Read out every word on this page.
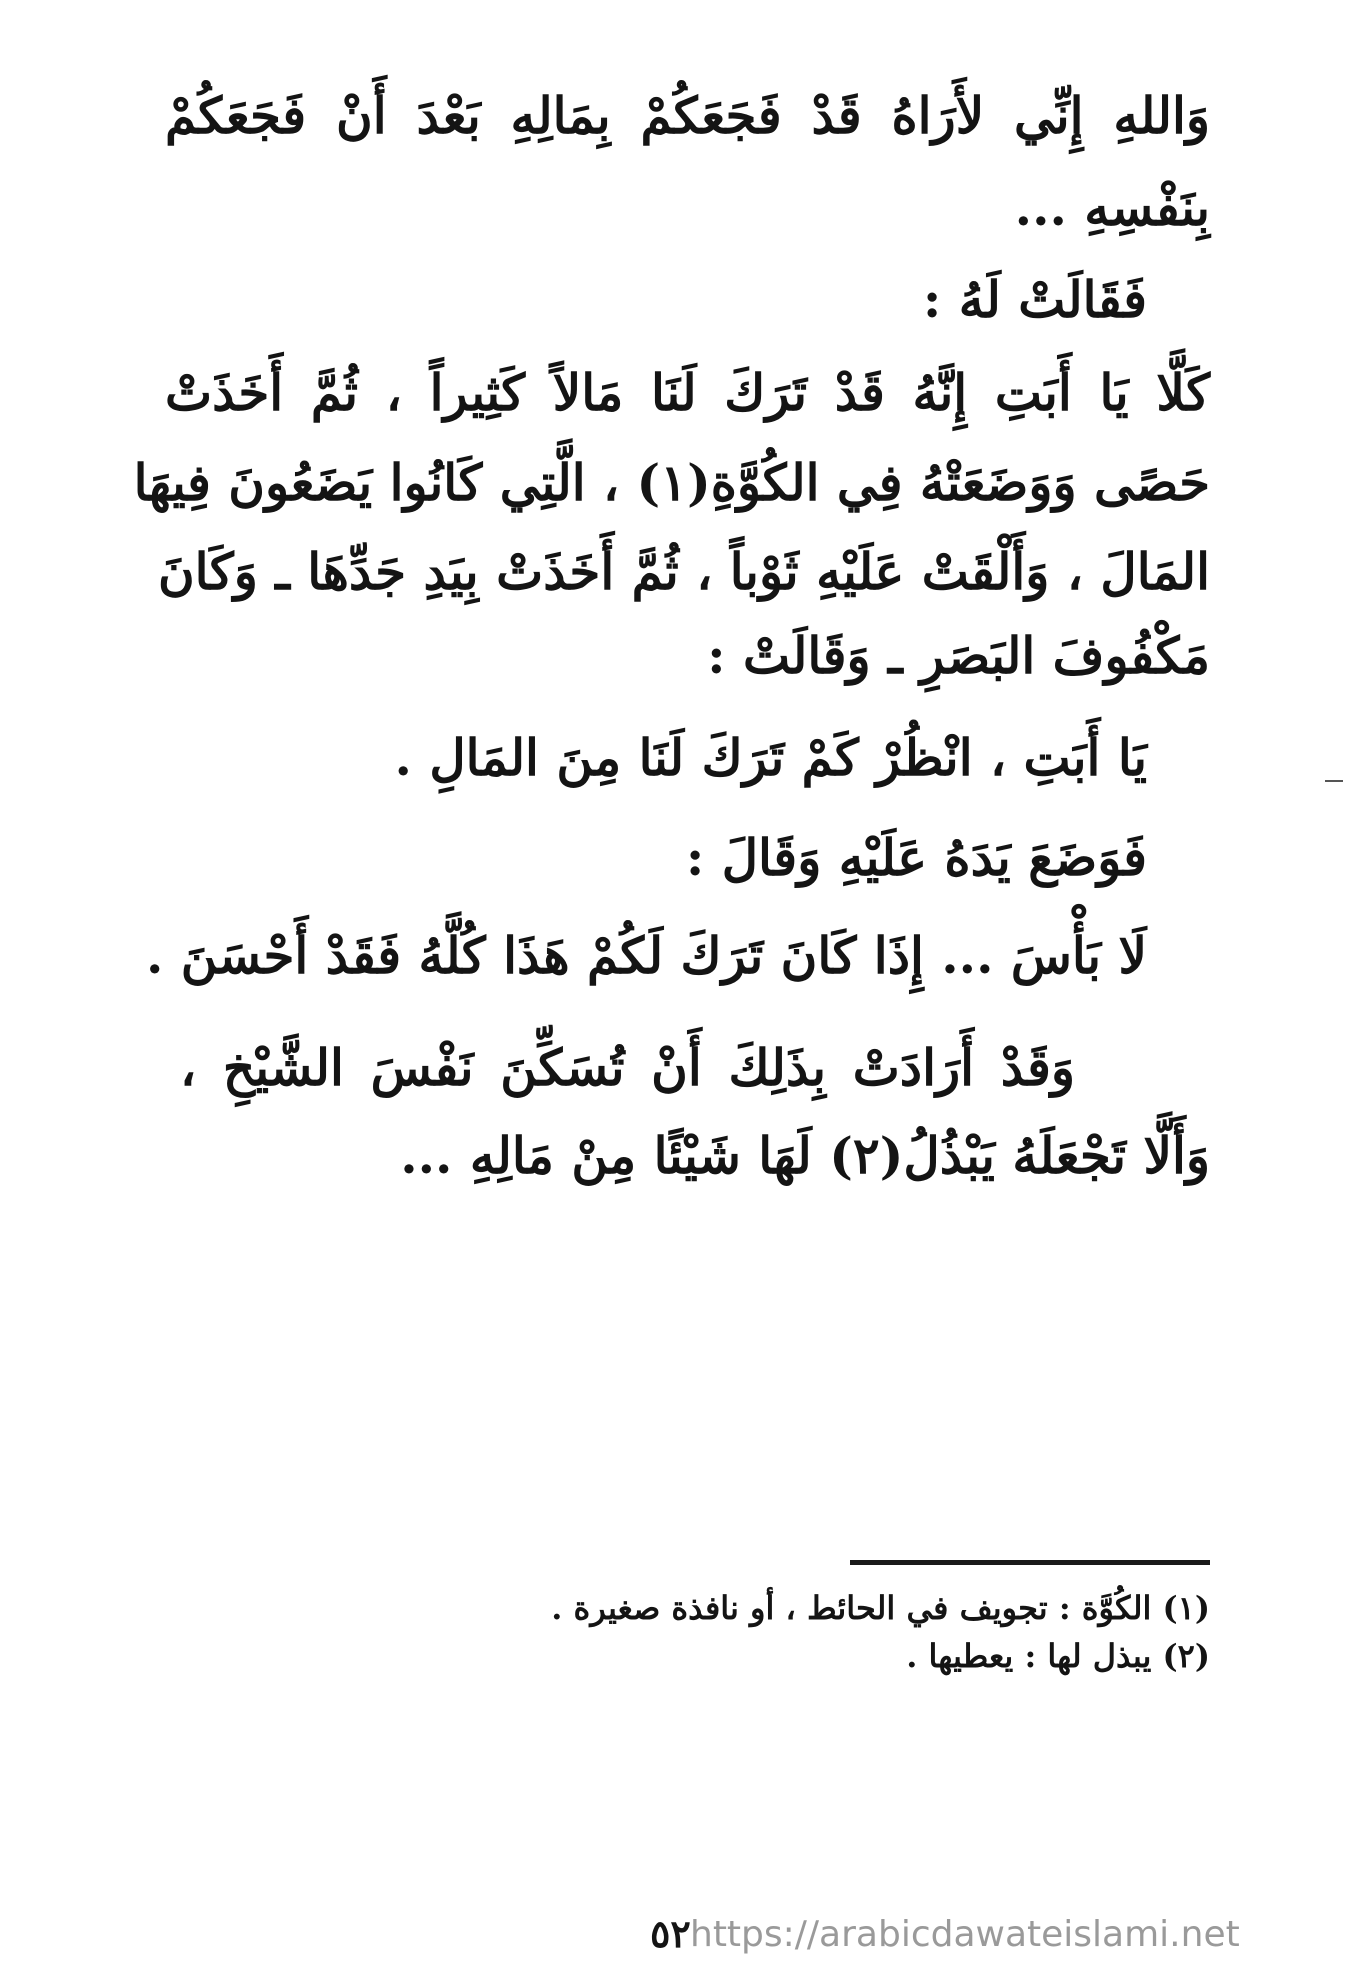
وَاللهِ إِنِّي لأَرَاهُ قَدْ فَجَعَكُمْ بِمَالِهِ بَعْدَ أَنْ فَجَعَكُمْ
بِنَفْسِهِ ...
فَقَالَتْ لَهُ :
كَلَّا يَا أَبَتِ إِنَّهُ قَدْ تَرَكَ لَنَا مَالاً كَثِيراً ، ثُمَّ أَخَذَتْ
حَصًى وَوَضَعَتْهُ فِي الكُوَّةِ(١) ، الَّتِي كَانُوا يَضَعُونَ فِيهَا
المَالَ ، وَأَلْقَتْ عَلَيْهِ ثَوْباً ، ثُمَّ أَخَذَتْ بِيَدِ جَدِّهَا ـ وَكَانَ
مَكْفُوفَ البَصَرِ ـ وَقَالَتْ :
يَا أَبَتِ ، انْظُرْ كَمْ تَرَكَ لَنَا مِنَ المَالِ .
فَوَضَعَ يَدَهُ عَلَيْهِ وَقَالَ :
لَا بَأْسَ ... إِذَا كَانَ تَرَكَ لَكُمْ هَذَا كُلَّهُ فَقَدْ أَحْسَنَ .
وَقَدْ أَرَادَتْ بِذَلِكَ أَنْ تُسَكِّنَ نَفْسَ الشَّيْخِ ،
وَأَلَّا تَجْعَلَهُ يَبْذُلُ(٢) لَهَا شَيْئًا مِنْ مَالِهِ ...
(١) الكُوَّة : تجويف في الحائط ، أو نافذة صغيرة .
(٢) يبذل لها : يعطيها .
٥٢ https://arabicdawateislami.net
